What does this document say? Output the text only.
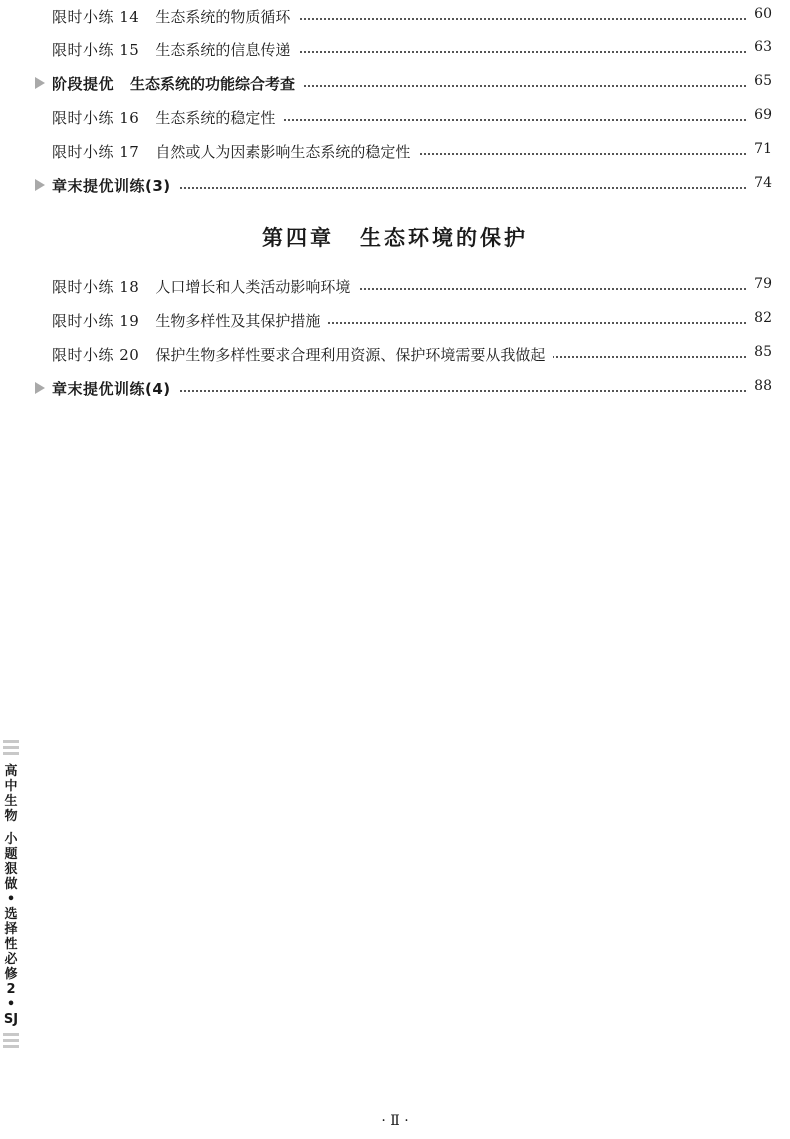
限时小练 14 生态系统的物质循环	60
限时小练 15 生态系统的信息传递	63
阶段提优 生态系统的功能综合考查	65
限时小练 16 生态系统的稳定性	69
限时小练 17 自然或人为因素影响生态系统的稳定性	71
章末提优训练(3)	74
第四章 生态环境的保护
限时小练 18 人口增长和人类活动影响环境	79
限时小练 19 生物多样性及其保护措施	82
限时小练 20 保护生物多样性要求合理利用资源、保护环境需要从我做起	85
章末提优训练(4)	88
高
中
生
物
小
题
狠
做
•
选
择
性
必
修
2
•
SJ
· Ⅱ ·
